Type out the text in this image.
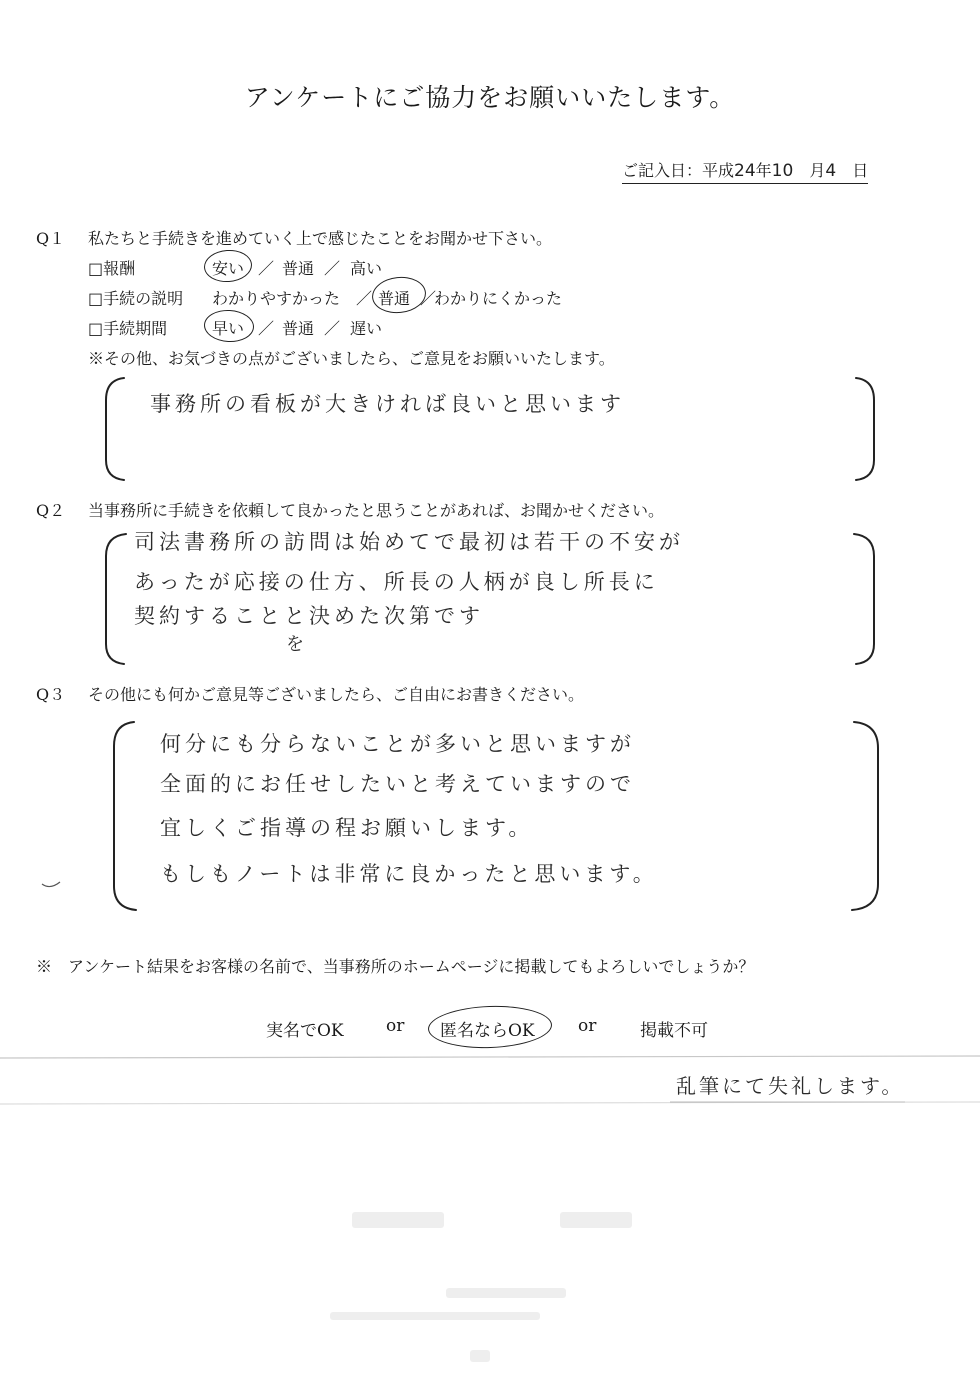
アンケートにご協力をお願いいたします。
ご記入日：平成24年10　 月4　 日
Q１ 私たちと手続きを進めていく上で感じたことをお聞かせ下さい。
□報酬	安い ／ 普通 ／ 高い
□手続の説明 わかりやすかった ／ 普通 ／
わかりにくかった
□手続期間	早い ／ 普通 ／ 遅い
※その他、お気づきの点がございましたら、ご意見をお願いいたします。
事務所の看板が大きければ良いと思います
Q２ 当事務所に手続きを依頼して良かったと思うことがあれば、お聞かせください。
司法書務所の訪問は始めてで最初は若干の不安が
あったが応接の仕方、所長の人柄が良し所長に
契約することと決めた次第です
を
Q３ その他にも何かご意見等ございましたら、ご自由にお書きください。
何分にも分らないことが多いと思いますが
全面的にお任せしたいと考えていますので
宜しくご指導の程お願いします。
もしもノートは非常に良かったと思います。
※　アンケート結果をお客様の名前で、当事務所のホームページに掲載してもよろしいでしょうか？
実名でOK or 匿名ならOK	or	掲載不可
乱筆にて失礼します。
